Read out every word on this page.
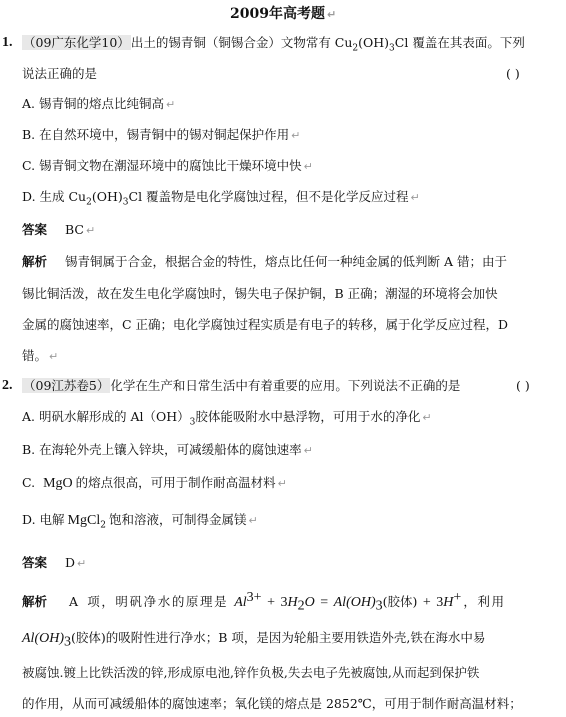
2009年高考题 ↵
1. （09广东化学10）出土的锡青铜（铜锡合金）文物常有 $Cu_2(OH)_3Cl$ 覆盖在其表面。下列
说法正确的是	( )
A. 锡青铜的熔点比纯铜高 ↵
B. 在自然环境中，锡青铜中的锡对铜起保护作用 ↵
C. 锡青铜文物在潮湿环境中的腐蚀比干燥环境中快 ↵
D. 生成 $Cu_2(OH)_3Cl$ 覆盖物是电化学腐蚀过程，但不是化学反应过程 ↵
答案 BC ↵
解析 锡青铜属于合金，根据合金的特性，熔点比任何一种纯金属的低判断 A 错；由于
锡比铜活泼，故在发生电化学腐蚀时，锡失电子保护铜，B 正确；潮湿的环境将会加快
金属的腐蚀速率，C 正确；电化学腐蚀过程实质是有电子的转移，属于化学反应过程，D
错。 ↵
2. （09江苏卷5）化学在生产和日常生活中有着重要的应用。下列说法不正确的是	( )
A. 明矾水解形成的 $Al(OH)_3$胶体能吸附水中悬浮物，可用于水的净化 ↵
B. 在海轮外壳上镶入锌块，可减缓船体的腐蚀速率 ↵
C. MgO 的熔点很高，可用于制作耐高温材料 ↵
D. 电解 MgCl$_2$ 饱和溶液，可制得金属镁 ↵
答案 D ↵
解析 A 项，明矾净水的原理是 $Al^{3+} + 3H_2O = Al(OH)_3$(胶体) + 3H+ ，利用
$Al(OH)_3$(胶体)的吸附性进行净水；B 项，是因为轮船主要用铁造外壳,铁在海水中易
被腐蚀.镀上比铁活泼的锌,形成原电池,锌作负极,失去电子先被腐蚀,从而起到保护铁
的作用，从而可减缓船体的腐蚀速率；氧化镁的熔点是 2852℃，可用于制作耐高温材料；
